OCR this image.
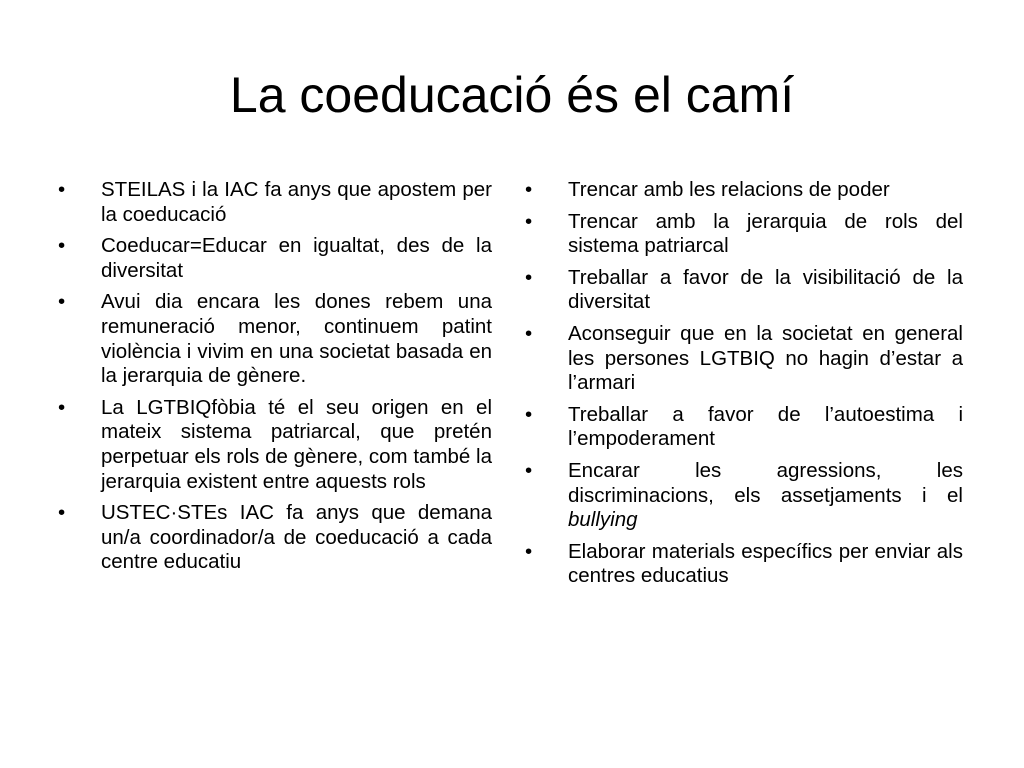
La coeducació és el camí
•	STEILAS i la IAC fa anys que apostem per la coeducació
•	Coeducar=Educar en igualtat, des de la diversitat
•	Avui dia encara les dones rebem una remuneració menor, continuem patint violència i vivim en una societat basada en la jerarquia de gènere.
•	La LGTBIQfòbia té el seu origen en el mateix sistema patriarcal, que pretén perpetuar els rols de gènere, com també la jerarquia existent entre aquests rols
•	USTEC·STEs IAC fa anys que demana un/a coordinador/a de coeducació a cada centre educatiu
•	Trencar amb les relacions de poder
•	Trencar amb la jerarquia de rols del sistema patriarcal
•	Treballar a favor de la visibilitació de la diversitat
•	Aconseguir que en la societat en general les persones LGTBIQ no hagin d’estar a l’armari
•	Treballar a favor de l’autoestima i l’empoderament
•	Encarar les agressions, les discriminacions, els assetjaments i el bullying
•	Elaborar materials específics per enviar als centres educatius
